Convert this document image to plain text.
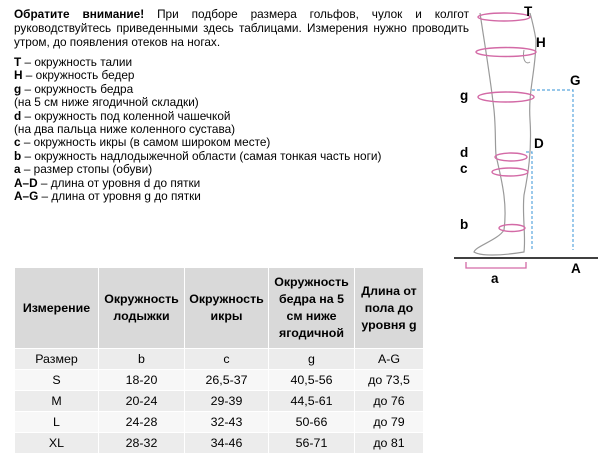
Обратите внимание! При подборе размера гольфов, чулок и колгот руководствуйтесь приведенными здесь таблицами. Измерения нужно проводить утром, до появления отеков на ногах.
T – окружность талии
H – окружность бедер
g – окружность бедра
(на 5 см ниже ягодичной складки)
d – окружность под коленной чашечкой
(на два пальца ниже коленного сустава)
c – окружность икры (в самом широком месте)
b – окружность надлодыжечной области (самая тонкая часть ноги)
a – размер стопы (обуви)
A–D – длина от уровня d до пятки
A–G – длина от уровня g до пятки
Измерение	Окружность лодыжки	Окружность икры	Окружность бедра на 5 см ниже ягодичной	Длина от пола до уровня g
Размер	b	c	g	A-G
S	18-20	26,5-37	40,5-56	до 73,5
M	20-24	29-39	44,5-61	до 76
L	24-28	32-43	50-66	до 79
XL	28-32	34-46	56-71	до 81
T
H
G
g
D
d
c
b
A
a
